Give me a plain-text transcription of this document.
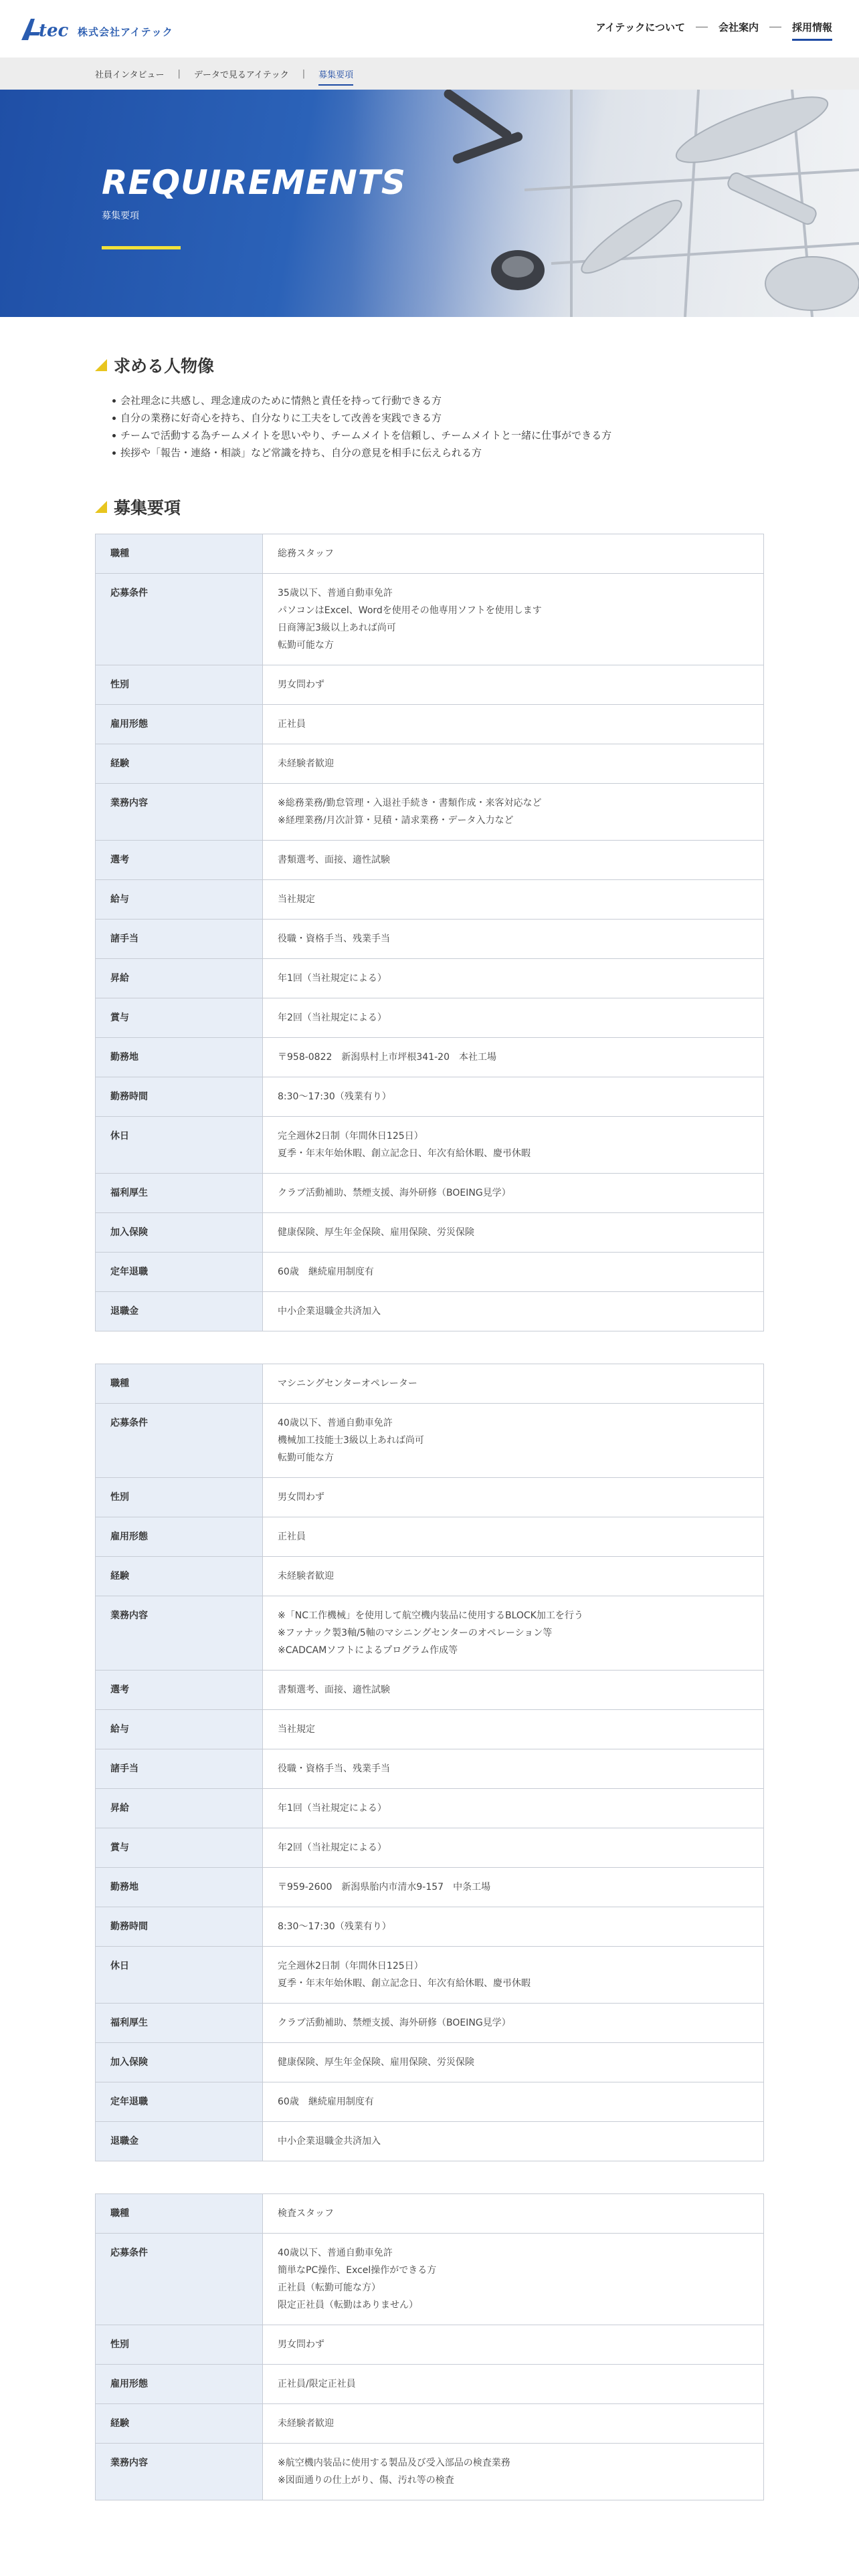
tec 株式会社アイテック	アイテックについて	会社案内	採用情報
社員インタビュー | データで見るアイテック | 募集要項
REQUIREMENTS
募集要項
求める人物像
会社理念に共感し、理念達成のために情熱と責任を持って行動できる方
自分の業務に好奇心を持ち、自分なりに工夫をして改善を実践できる方
チームで活動する為チームメイトを思いやり、チームメイトを信頼し、チームメイトと一緒に仕事ができる方
挨拶や「報告・連絡・相談」など常識を持ち、自分の意見を相手に伝えられる方
募集要項
職種	総務スタッフ

応募条件	35歳以下、普通自動車免許
パソコンはExcel、Wordを使用その他専用ソフトを使用します
日商簿記3級以上あれば尚可
転勤可能な方

性別	男女問わず

雇用形態	正社員

経験	未経験者歓迎

業務内容	※総務業務/勤怠管理・入退社手続き・書類作成・来客対応など
※経理業務/月次計算・見積・請求業務・データ入力など

選考	書類選考、面接、適性試験

給与	当社規定

諸手当	役職・資格手当、残業手当

昇給	年1回（当社規定による）

賞与	年2回（当社規定による）

勤務地	〒958-0822　新潟県村上市坪根341-20　本社工場

勤務時間	8:30〜17:30（残業有り）

休日	完全週休2日制（年間休日125日）
夏季・年末年始休暇、創立記念日、年次有給休暇、慶弔休暇

福利厚生	クラブ活動補助、禁煙支援、海外研修（BOEING見学）

加入保険	健康保険、厚生年金保険、雇用保険、労災保険

定年退職	60歳　継続雇用制度有

退職金	中小企業退職金共済加入
職種	マシニングセンターオペレーター

応募条件	40歳以下、普通自動車免許
機械加工技能士3級以上あれば尚可
転勤可能な方

性別	男女問わず

雇用形態	正社員

経験	未経験者歓迎

業務内容	※「NC工作機械」を使用して航空機内装品に使用するBLOCK加工を行う
※ファナック製3軸/5軸のマシニングセンターのオペレーション等
※CADCAMソフトによるプログラム作成等

選考	書類選考、面接、適性試験

給与	当社規定

諸手当	役職・資格手当、残業手当

昇給	年1回（当社規定による）

賞与	年2回（当社規定による）

勤務地	〒959-2600　新潟県胎内市清水9-157　中条工場

勤務時間	8:30〜17:30（残業有り）

休日	完全週休2日制（年間休日125日）
夏季・年末年始休暇、創立記念日、年次有給休暇、慶弔休暇

福利厚生	クラブ活動補助、禁煙支援、海外研修（BOEING見学）

加入保険	健康保険、厚生年金保険、雇用保険、労災保険

定年退職	60歳　継続雇用制度有

退職金	中小企業退職金共済加入
職種	検査スタッフ

応募条件	40歳以下、普通自動車免許
簡単なPC操作、Excel操作ができる方
正社員（転勤可能な方）
限定正社員（転勤はありません）

性別	男女問わず

雇用形態	正社員/限定正社員

経験	未経験者歓迎

業務内容	※航空機内装品に使用する製品及び受入部品の検査業務
※図面通りの仕上がり、傷、汚れ等の検査
